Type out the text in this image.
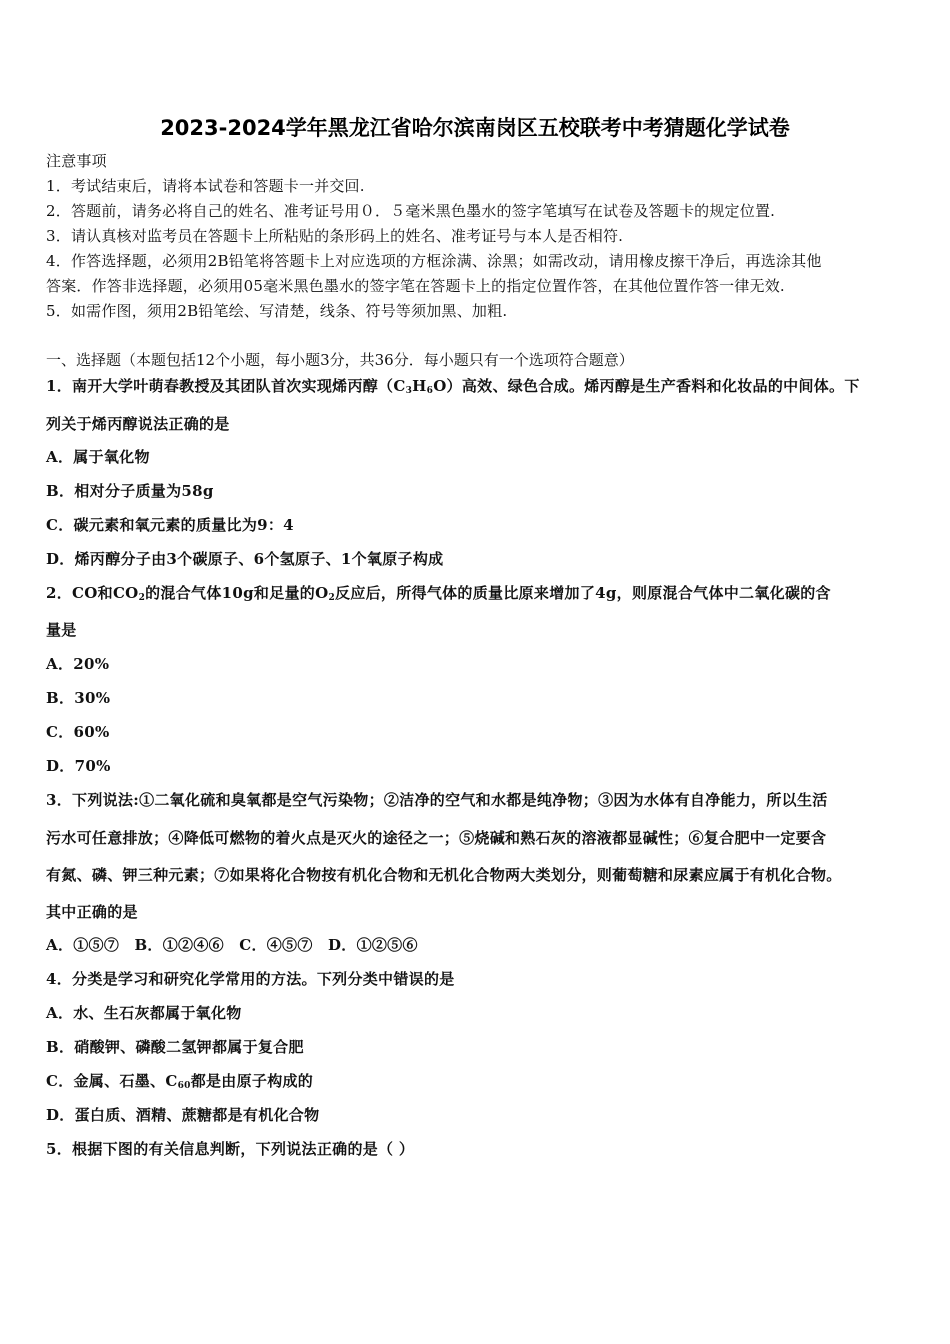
2023-2024学年黑龙江省哈尔滨南岗区五校联考中考猜题化学试卷
注意事项
1．考试结束后，请将本试卷和答题卡一并交回.
2．答题前，请务必将自己的姓名、准考证号用０．５毫米黑色墨水的签字笔填写在试卷及答题卡的规定位置.
3．请认真核对监考员在答题卡上所粘贴的条形码上的姓名、准考证号与本人是否相符.
4．作答选择题，必须用2B铅笔将答题卡上对应选项的方框涂满、涂黑；如需改动，请用橡皮擦干净后，再选涂其他
答案．作答非选择题，必须用05毫米黑色墨水的签字笔在答题卡上的指定位置作答，在其他位置作答一律无效.
5．如需作图，须用2B铅笔绘、写清楚，线条、符号等须加黑、加粗.
一、选择题（本题包括12个小题，每小题3分，共36分．每小题只有一个选项符合题意）
1．南开大学叶萌春教授及其团队首次实现烯丙醇$(C_3H_6O)$高效、绿色合成。烯丙醇是生产香料和化妆品的中间体。下
列关于烯丙醇说法正确的是
A．属于氧化物
B．相对分子质量为58g
C．碳元素和氧元素的质量比为9：4
D．烯丙醇分子由3个碳原子、6个氢原子、1个氧原子构成
2．CO和$CO_2$的混合气体10g和足量的$O_2$反应后，所得气体的质量比原来增加了4g，则原混合气体中二氧化碳的含
量是
A．20%
B．30%
C．60%
D．70%
3．下列说法:①二氧化硫和臭氧都是空气污染物；②洁净的空气和水都是纯净物；③因为水体有自净能力，所以生活
污水可任意排放；④降低可燃物的着火点是灭火的途径之一；⑤烧碱和熟石灰的溶液都显碱性；⑥复合肥中一定要含
有氮、磷、钾三种元素；⑦如果将化合物按有机化合物和无机化合物两大类划分，则葡萄糖和尿素应属于有机化合物。
其中正确的是
A．①⑤⑦　B．①②④⑥　C．④⑤⑦　D．①②⑤⑥
4．分类是学习和研究化学常用的方法。下列分类中错误的是
A．水、生石灰都属于氧化物
B．硝酸钾、磷酸二氢钾都属于复合肥
C．金属、石墨、$C_{60}$都是由原子构成的
D．蛋白质、酒精、蔗糖都是有机化合物
5．根据下图的有关信息判断，下列说法正确的是（ ）
